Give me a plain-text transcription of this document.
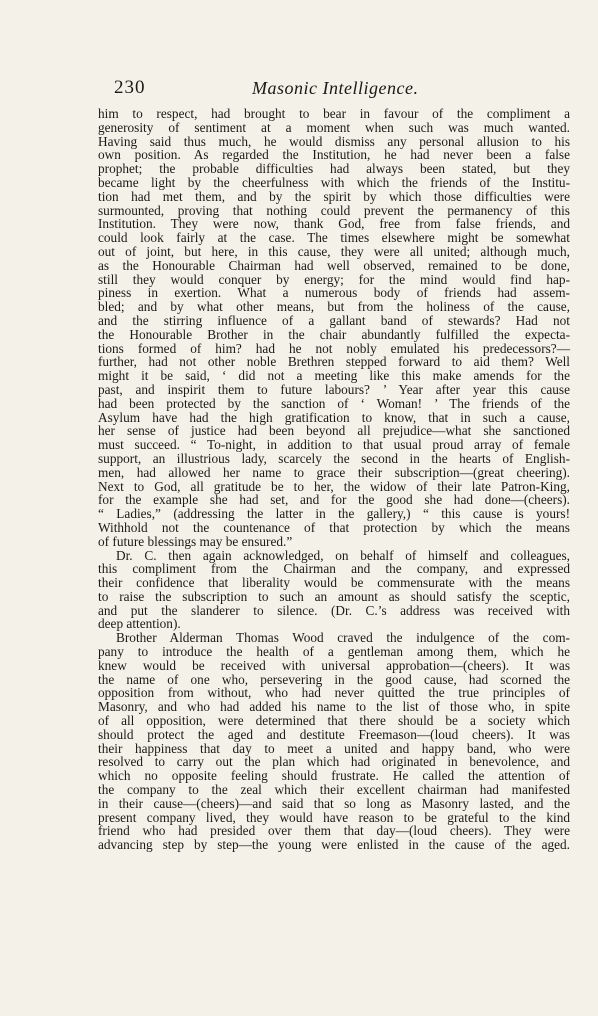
230	Masonic Intelligence.
him to respect, had brought to bear in favour of the compliment a
generosity of sentiment at a moment when such was much wanted.
Having said thus much, he would dismiss any personal allusion to his
own position. As regarded the Institution, he had never been a false
prophet; the probable difficulties had always been stated, but they
became light by the cheerfulness with which the friends of the Institu-
tion had met them, and by the spirit by which those difficulties were
surmounted, proving that nothing could prevent the permanency of this
Institution. They were now, thank God, free from false friends, and
could look fairly at the case. The times elsewhere might be somewhat
out of joint, but here, in this cause, they were all united; although much,
as the Honourable Chairman had well observed, remained to be done,
still they would conquer by energy; for the mind would find hap-
piness in exertion. What a numerous body of friends had assem-
bled; and by what other means, but from the holiness of the cause,
and the stirring influence of a gallant band of stewards? Had not
the Honourable Brother in the chair abundantly fulfilled the expecta-
tions formed of him? had he not nobly emulated his predecessors?—
further, had not other noble Brethren stepped forward to aid them? Well
might it be said, ‘ did not a meeting like this make amends for the
past, and inspirit them to future labours? ’ Year after year this cause
had been protected by the sanction of ‘ Woman! ’ The friends of the
Asylum have had the high gratification to know, that in such a cause,
her sense of justice had been beyond all prejudice—what she sanctioned
must succeed. “ To-night, in addition to that usual proud array of female
support, an illustrious lady, scarcely the second in the hearts of English-
men, had allowed her name to grace their subscription—(great cheering).
Next to God, all gratitude be to her, the widow of their late Patron-King,
for the example she had set, and for the good she had done—(cheers).
“ Ladies,” (addressing the latter in the gallery,) “ this cause is yours!
Withhold not the countenance of that protection by which the means
of future blessings may be ensured.”
Dr. C. then again acknowledged, on behalf of himself and colleagues,
this compliment from the Chairman and the company, and expressed
their confidence that liberality would be commensurate with the means
to raise the subscription to such an amount as should satisfy the sceptic,
and put the slanderer to silence. (Dr. C.’s address was received with
deep attention).
Brother Alderman Thomas Wood craved the indulgence of the com-
pany to introduce the health of a gentleman among them, which he
knew would be received with universal approbation—(cheers). It was
the name of one who, persevering in the good cause, had scorned the
opposition from without, who had never quitted the true principles of
Masonry, and who had added his name to the list of those who, in spite
of all opposition, were determined that there should be a society which
should protect the aged and destitute Freemason—(loud cheers). It was
their happiness that day to meet a united and happy band, who were
resolved to carry out the plan which had originated in benevolence, and
which no opposite feeling should frustrate. He called the attention of
the company to the zeal which their excellent chairman had manifested
in their cause—(cheers)—and said that so long as Masonry lasted, and the
present company lived, they would have reason to be grateful to the kind
friend who had presided over them that day—(loud cheers). They were
advancing step by step—the young were enlisted in the cause of the aged.
